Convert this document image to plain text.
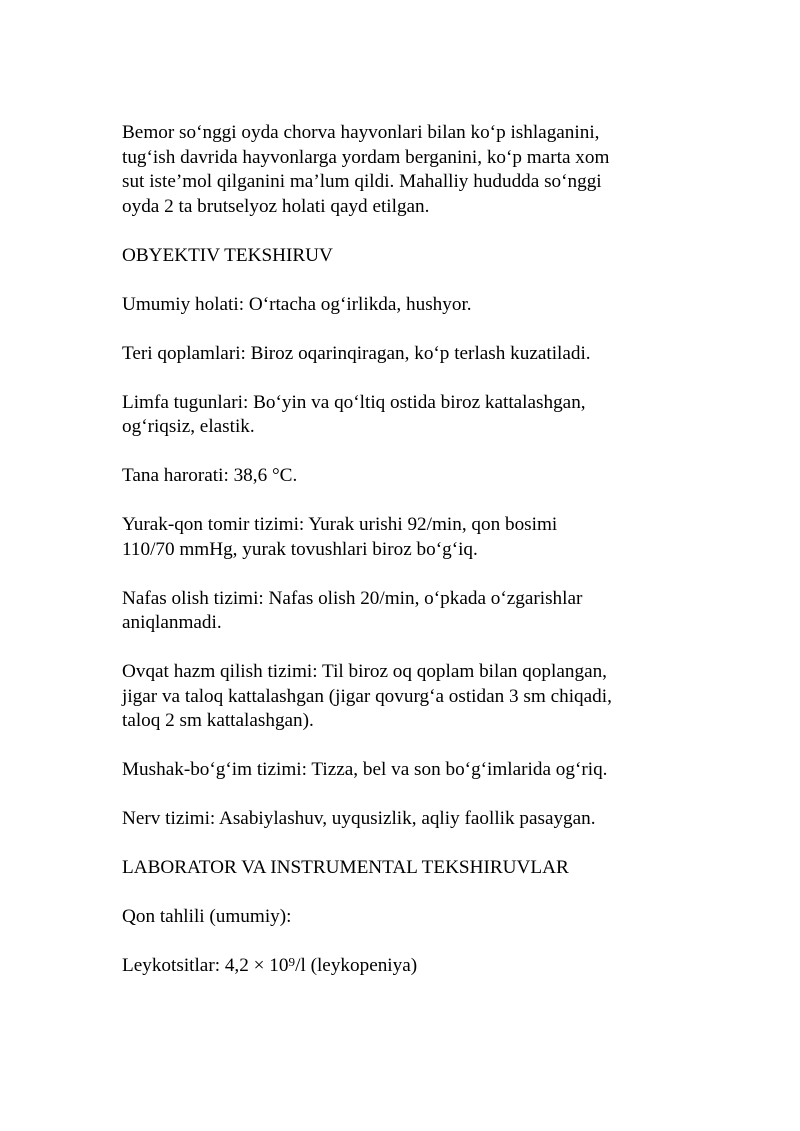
Bemor so‘nggi oyda chorva hayvonlari bilan ko‘p ishlaganini,
tug‘ish davrida hayvonlarga yordam berganini, ko‘p marta xom
sut iste’mol qilganini ma’lum qildi. Mahalliy hududda so‘nggi
oyda 2 ta brutselyoz holati qayd etilgan.

OBYEKTIV TEKSHIRUV

Umumiy holati: O‘rtacha og‘irlikda, hushyor.

Teri qoplamlari: Biroz oqarinqiragan, ko‘p terlash kuzatiladi.

Limfa tugunlari: Bo‘yin va qo‘ltiq ostida biroz kattalashgan,
og‘riqsiz, elastik.

Tana harorati: 38,6 °C.

Yurak-qon tomir tizimi: Yurak urishi 92/min, qon bosimi
110/70 mmHg, yurak tovushlari biroz bo‘g‘iq.

Nafas olish tizimi: Nafas olish 20/min, o‘pkada o‘zgarishlar
aniqlanmadi.

Ovqat hazm qilish tizimi: Til biroz oq qoplam bilan qoplangan,
jigar va taloq kattalashgan (jigar qovurg‘a ostidan 3 sm chiqadi,
taloq 2 sm kattalashgan).

Mushak-bo‘g‘im tizimi: Tizza, bel va son bo‘g‘imlarida og‘riq.

Nerv tizimi: Asabiylashuv, uyqusizlik, aqliy faollik pasaygan.

LABORATOR VA INSTRUMENTAL TEKSHIRUVLAR

Qon tahlili (umumiy):

Leykotsitlar: 4,2 × 10⁹/l (leykopeniya)
